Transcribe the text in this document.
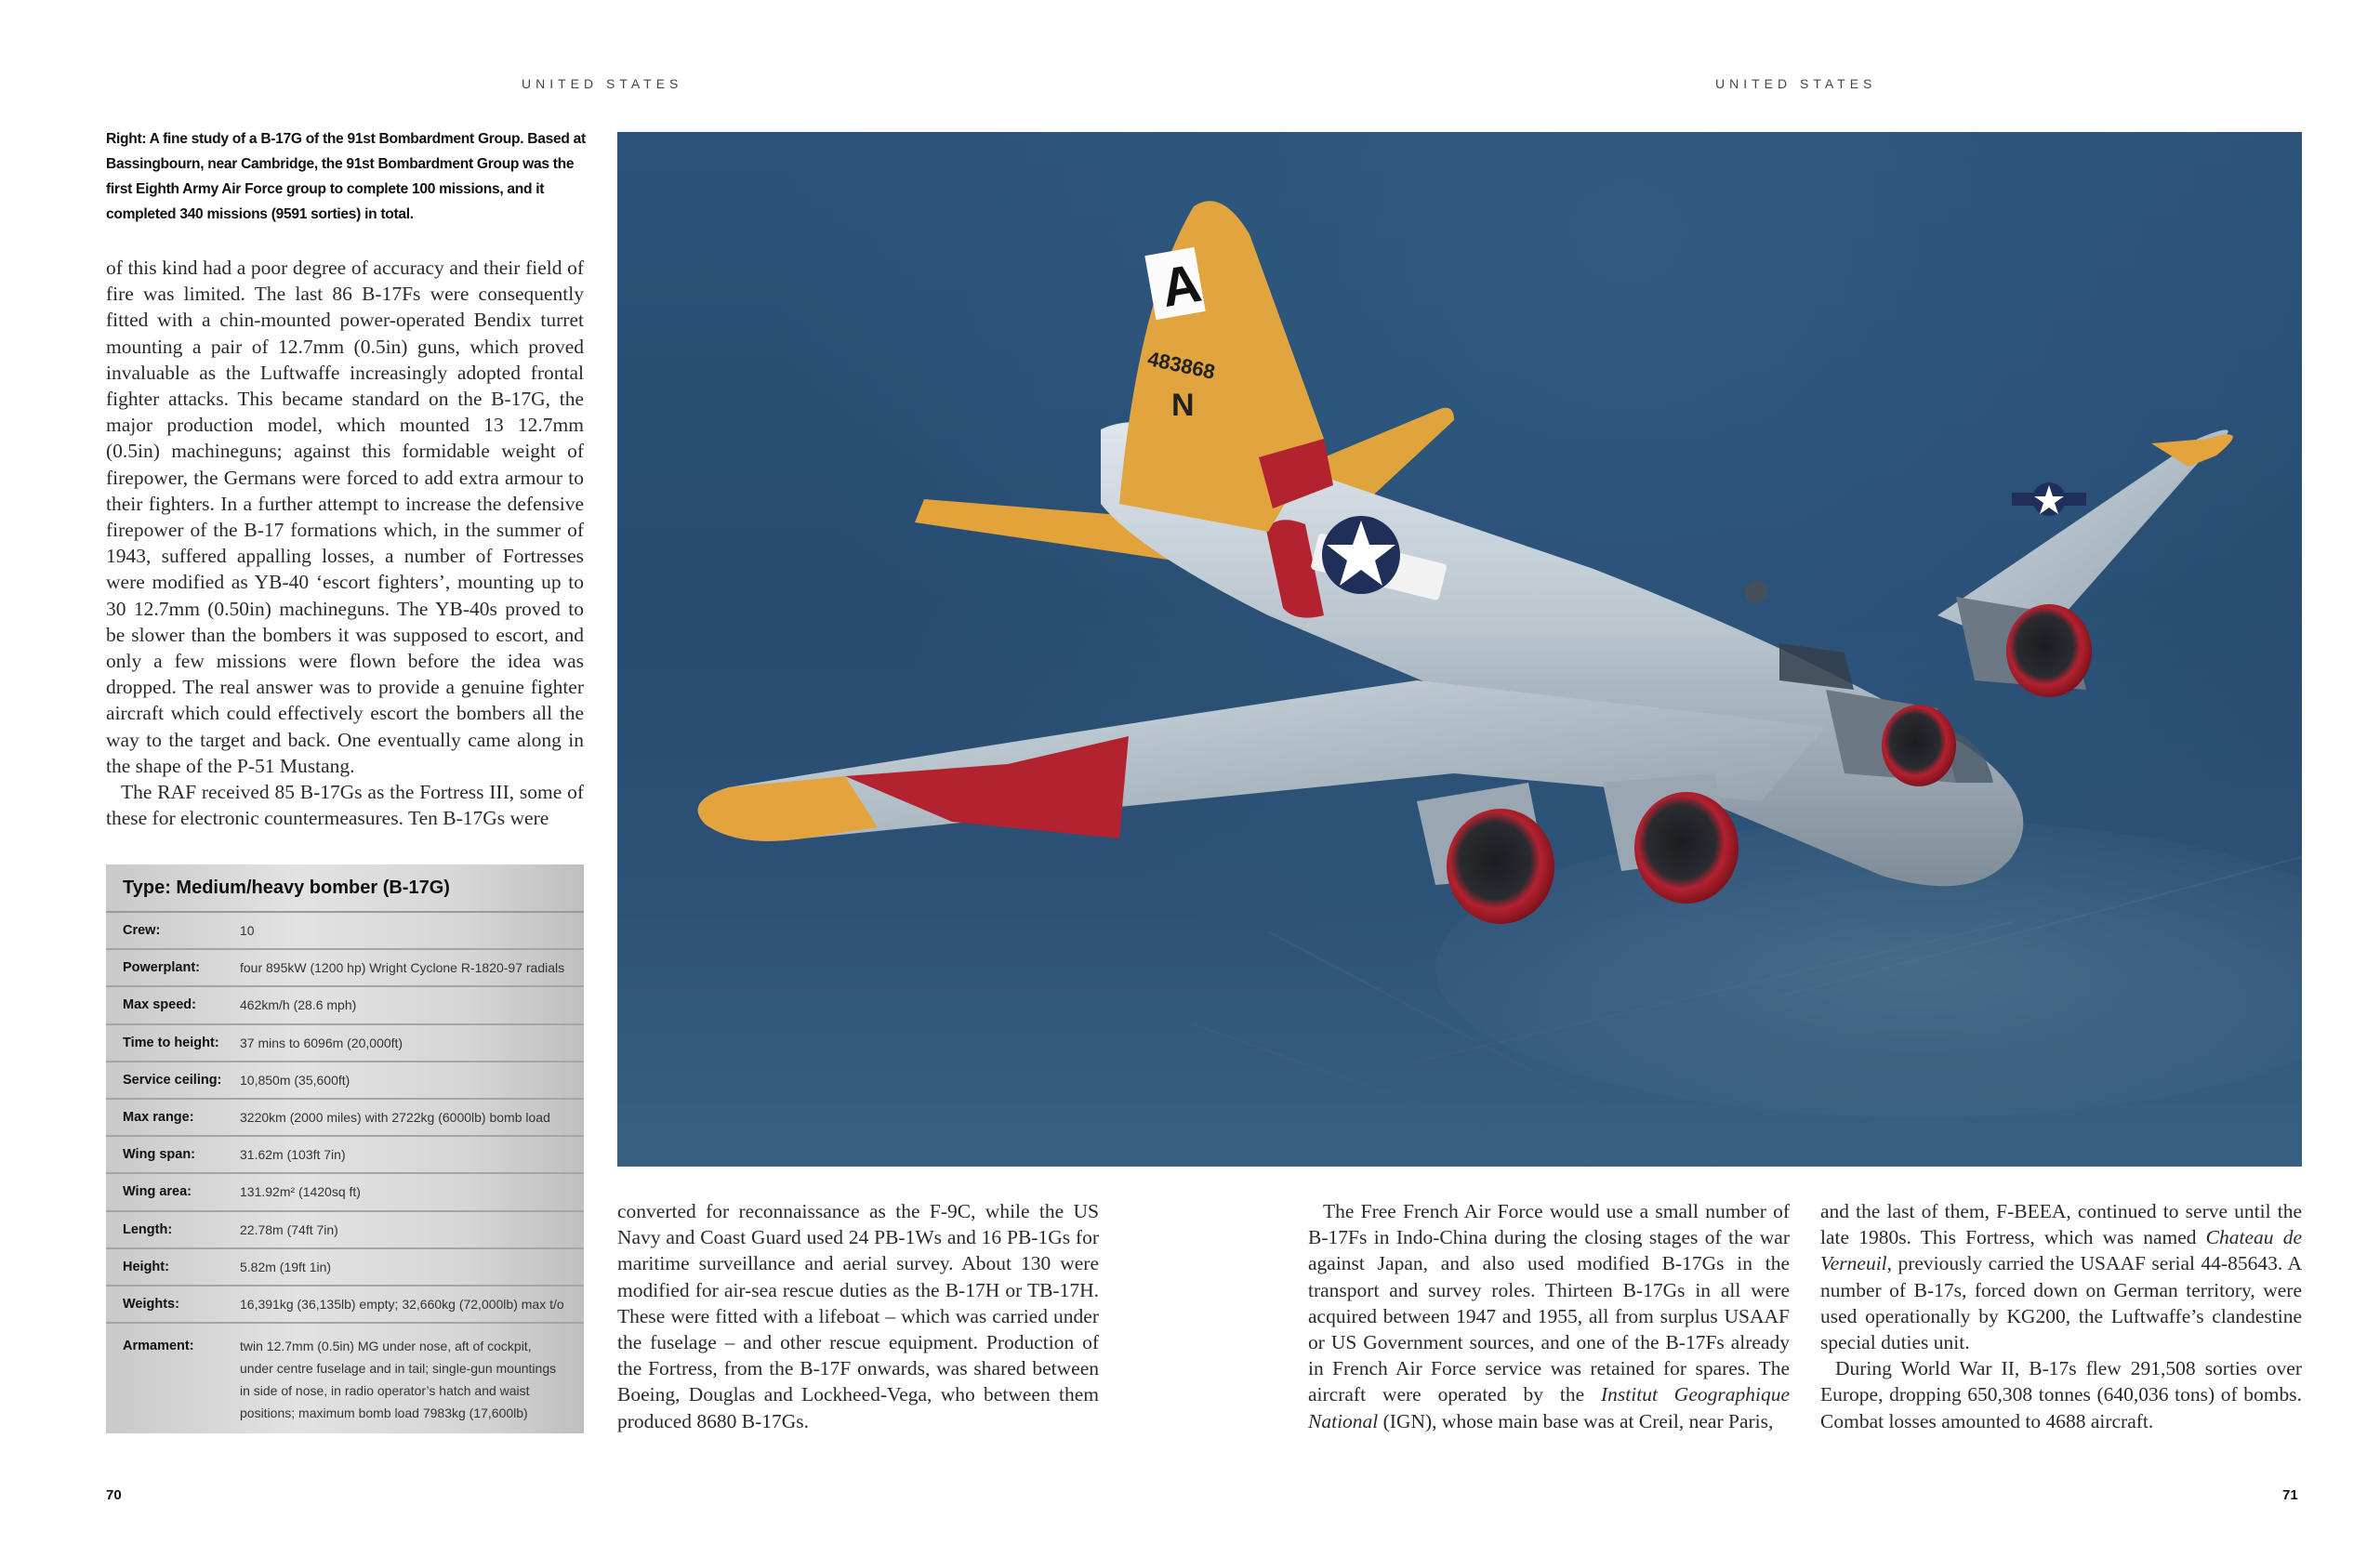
UNITED STATES	UNITED STATES
Right: A fine study of a B-17G of the 91st Bombardment Group. Based at Bassingbourn, near Cambridge, the 91st Bombardment Group was the first Eighth Army Air Force group to complete 100 missions, and it completed 340 missions (9591 sorties) in total.

of this kind had a poor degree of accuracy and their field of fire was limited. The last 86 B-17Fs were consequently fitted with a chin-mounted power-operated Bendix turret mounting a pair of 12.7mm (0.5in) guns, which proved invaluable as the Luftwaffe increasingly adopted frontal fighter attacks. This became standard on the B-17G, the major production model, which mounted 13 12.7mm (0.5in) machineguns; against this formidable weight of firepower, the Germans were forced to add extra armour to their fighters. In a further attempt to increase the defensive firepower of the B-17 formations which, in the summer of 1943, suffered appalling losses, a number of Fortresses were modified as YB-40 ‘escort fighters’, mounting up to 30 12.7mm (0.50in) machineguns. The YB-40s proved to be slower than the bombers it was supposed to escort, and only a few missions were flown before the idea was dropped. The real answer was to provide a genuine fighter aircraft which could effectively escort the bombers all the way to the target and back. One eventually came along in the shape of the P-51 Mustang.

The RAF received 85 B-17Gs as the Fortress III, some of these for electronic countermeasures. Ten B-17Gs were

Type: Medium/heavy bomber (B-17G)
Crew:	10
Powerplant:	four 895kW (1200 hp) Wright Cyclone R-1820-97 radials
Max speed:	462km/h (28.6 mph)
Time to height:	37 mins to 6096m (20,000ft)
Service ceiling:	10,850m (35,600ft)
Max range:	3220km (2000 miles) with 2722kg (6000lb) bomb load
Wing span:	31.62m (103ft 7in)
Wing area:	131.92m² (1420sq ft)
Length:	22.78m (74ft 7in)
Height:	5.82m (19ft 1in)
Weights:	16,391kg (36,135lb) empty; 32,660kg (72,000lb) max t/o
Armament:	twin 12.7mm (0.5in) MG under nose, aft of cockpit, under centre fuselage and in tail; single-gun mountings in side of nose, in radio operator’s hatch and waist positions; maximum bomb load 7983kg (17,600lb)
70
A
483868
N

converted for reconnaissance as the F-9C, while the US Navy and Coast Guard used 24 PB-1Ws and 16 PB-1Gs for maritime surveillance and aerial survey. About 130 were modified for air-sea rescue duties as the B-17H or TB-17H. These were fitted with a lifeboat – which was carried under the fuselage – and other rescue equipment. Production of the Fortress, from the B-17F onwards, was shared between Boeing, Douglas and Lockheed-Vega, who between them produced 8680 B-17Gs.

The Free French Air Force would use a small number of B-17Fs in Indo-China during the closing stages of the war against Japan, and also used modified B-17Gs in the transport and survey roles. Thirteen B-17Gs in all were acquired between 1947 and 1955, all from surplus USAAF or US Government sources, and one of the B-17Fs already in French Air Force service was retained for spares. The aircraft were operated by the Institut Geographique National (IGN), whose main base was at Creil, near Paris,

and the last of them, F-BEEA, continued to serve until the late 1980s. This Fortress, which was named Chateau de Verneuil, previously carried the USAAF serial 44-85643. A number of B-17s, forced down on German territory, were used operationally by KG200, the Luftwaffe’s clandestine special duties unit.

During World War II, B-17s flew 291,508 sorties over Europe, dropping 650,308 tonnes (640,036 tons) of bombs. Combat losses amounted to 4688 aircraft.

71
